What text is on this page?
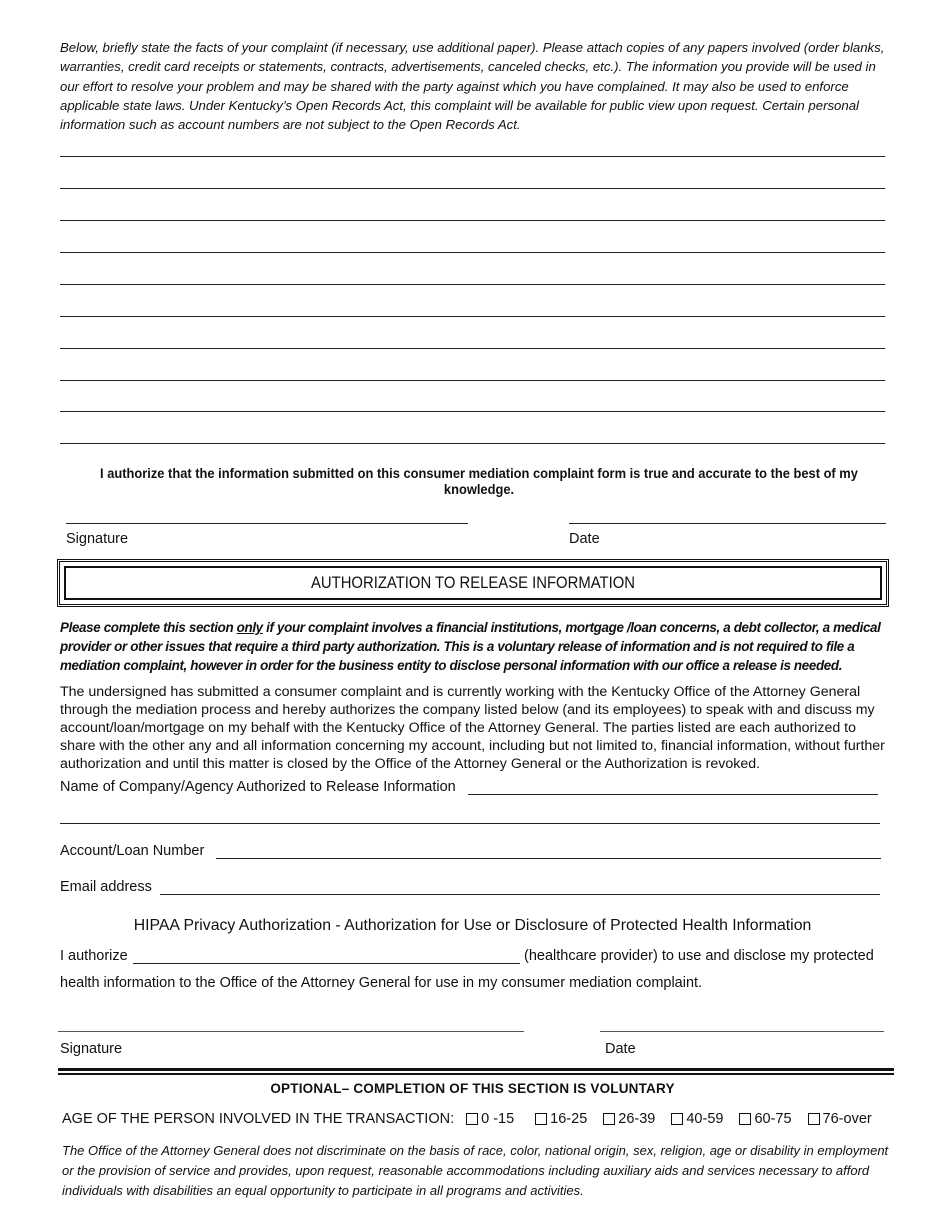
Below, briefly state the facts of your complaint (if necessary, use additional paper). Please attach copies of any papers involved (order blanks, warranties, credit card receipts or statements, contracts, advertisements, canceled checks, etc.). The information you provide will be used in our effort to resolve your problem and may be shared with the party against which you have complained. It may also be used to enforce applicable state laws. Under Kentucky’s Open Records Act, this complaint will be available for public view upon request. Certain personal information such as account numbers are not subject to the Open Records Act.
I authorize that the information submitted on this consumer mediation complaint form is true and accurate to the best of my knowledge.
Signature	Date
AUTHORIZATION TO RELEASE INFORMATION
Please complete this section only if your complaint involves a financial institutions, mortgage /loan concerns, a debt collector, a medical provider or other issues that require a third party authorization. This is a voluntary release of information and is not required to file a mediation complaint, however in order for the business entity to disclose personal information with our office a release is needed.
The undersigned has submitted a consumer complaint and is currently working with the Kentucky Office of the Attorney General through the mediation process and hereby authorizes the company listed below (and its employees) to speak with and discuss my account/loan/mortgage on my behalf with the Kentucky Office of the Attorney General. The parties listed are each authorized to share with the other any and all information concerning my account, including but not limited to, financial information, without further authorization and until this matter is closed by the Office of the Attorney General or the Authorization is revoked.
Name of Company/Agency Authorized to Release Information
Account/Loan Number
Email address
HIPAA Privacy Authorization - Authorization for Use or Disclosure of Protected Health Information
I authorize	(healthcare provider) to use and disclose my protected
health information to the Office of the Attorney General for use in my consumer mediation complaint.
Signature	Date
OPTIONAL– COMPLETION OF THIS SECTION IS VOLUNTARY
AGE OF THE PERSON INVOLVED IN THE TRANSACTION: 0 -15 16-25 26-39 40-59 60-75 76-over
The Office of the Attorney General does not discriminate on the basis of race, color, national origin, sex, religion, age or disability in employment or the provision of service and provides, upon request, reasonable accommodations including auxiliary aids and services necessary to afford individuals with disabilities an equal opportunity to participate in all programs and activities.
